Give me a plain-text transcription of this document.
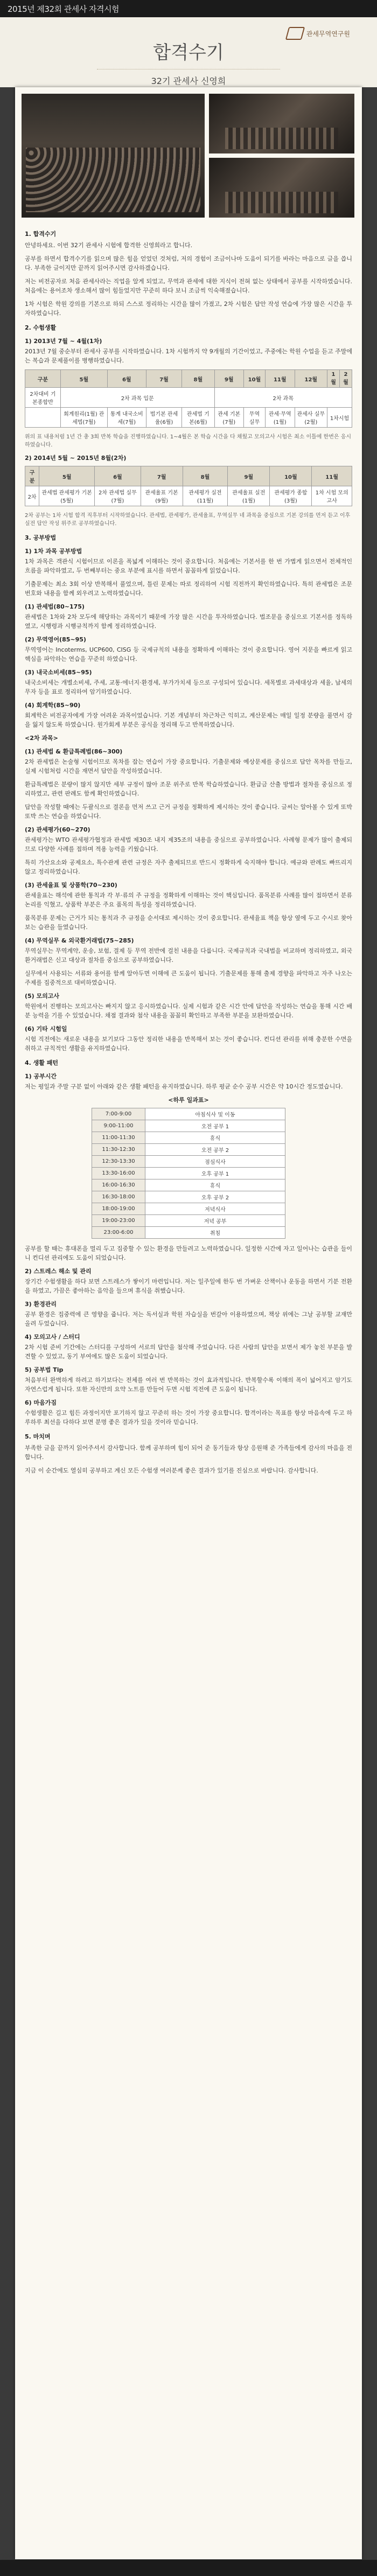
2015년 제32회 관세사 자격시험
관세무역연구원
합격수기
32기 관세사 신영희
1. 합격수기

안녕하세요. 이번 32기 관세사 시험에 합격한 신영희라고 합니다.

공부를 하면서 합격수기를 읽으며 많은 힘을 얻었던 것처럼, 저의 경험이 조금이나마 도움이 되기를 바라는 마음으로 글을 씁니다. 부족한 글이지만 끝까지 읽어주시면 감사하겠습니다.

저는 비전공자로 처음 관세사라는 직업을 알게 되었고, 무역과 관세에 대한 지식이 전혀 없는 상태에서 공부를 시작하였습니다. 처음에는 용어조차 생소해서 많이 힘들었지만 꾸준히 하다 보니 조금씩 익숙해졌습니다.

1차 시험은 학원 강의를 기본으로 하되 스스로 정리하는 시간을 많이 가졌고, 2차 시험은 답안 작성 연습에 가장 많은 시간을 투자하였습니다.

2. 수험생활
1) 2013년 7월 ~ 4월(1차)

2013년 7월 중순부터 관세사 공부를 시작하였습니다. 1차 시험까지 약 9개월의 기간이었고, 주중에는 학원 수업을 듣고 주말에는 복습과 문제풀이를 병행하였습니다.

구분	5월	6월	7월	8월	9월	10월	11월	12월	1월	2월
2차대비 기본종합반	2차 과목 입문				2차 과목					
	회계원리(1월) 관세법(7월)	통계 내국소비세(7월)	법기본 관세율(6월)	관세법 기본(6월)	관세 기본(7월)	무역 실무	관세·무역(1월)	관세사 실무(2월)	1차시험	

위의 표 내용처럼 1년 간 총 3회 반복 학습을 진행하였습니다. 1~4월은 본 학습 시간을 다 채웠고 모의고사 시험은 최소 이틀에 한번은 응시하였습니다.

2) 2014년 5월 ~ 2015년 8월(2차)
구분	5월	6월	7월	8월	9월	10월	11월
2차	관세법 관세평가 기본(5월)	2차 관세법 실무(7월)	관세율표 기본(9월)	관세평가 실전(11월)	관세율표 실전(1월)	관세평가 종합(3월)	1차 시험 모의고사

2차 공부는 1차 시험 합격 직후부터 시작하였습니다. 관세법, 관세평가, 관세율표, 무역실무 네 과목을 중심으로 기본 강의를 먼저 듣고 이후 실전 답안 작성 위주로 공부하였습니다.

3. 공부방법
1) 1차 과목 공부방법

1차 과목은 객관식 시험이므로 이론을 폭넓게 이해하는 것이 중요합니다. 처음에는 기본서를 한 번 가볍게 읽으면서 전체적인 흐름을 파악하였고, 두 번째부터는 중요 부분에 표시를 하면서 꼼꼼하게 읽었습니다.

기출문제는 최소 3회 이상 반복해서 풀었으며, 틀린 문제는 따로 정리하여 시험 직전까지 확인하였습니다. 특히 관세법은 조문 번호와 내용을 함께 외우려고 노력하였습니다.

(1) 관세법(80~175)

관세법은 1차와 2차 모두에 해당하는 과목이기 때문에 가장 많은 시간을 투자하였습니다. 법조문을 중심으로 기본서를 정독하였고, 시행령과 시행규칙까지 함께 정리하였습니다.

(2) 무역영어(85~95)

무역영어는 Incoterms, UCP600, CISG 등 국제규칙의 내용을 정확하게 이해하는 것이 중요합니다. 영어 지문을 빠르게 읽고 핵심을 파악하는 연습을 꾸준히 하였습니다.

(3) 내국소비세(85~95)

내국소비세는 개별소비세, 주세, 교통·에너지·환경세, 부가가치세 등으로 구성되어 있습니다. 세목별로 과세대상과 세율, 납세의무자 등을 표로 정리하여 암기하였습니다.

(4) 회계학(85~90)

회계학은 비전공자에게 가장 어려운 과목이었습니다. 기본 개념부터 차근차근 익히고, 계산문제는 매일 일정 분량을 풀면서 감을 잃지 않도록 하였습니다. 원가회계 부분은 공식을 정리해 두고 반복하였습니다.

<2차 과목>
(1) 관세법 & 환급특례법(86~300)

2차 관세법은 논술형 시험이므로 목차를 잡는 연습이 가장 중요합니다. 기출문제와 예상문제를 중심으로 답안 목차를 만들고, 실제 시험처럼 시간을 재면서 답안을 작성하였습니다.

환급특례법은 분량이 많지 않지만 세부 규정이 많아 조문 위주로 반복 학습하였습니다. 환급금 산출 방법과 절차를 중심으로 정리하였고, 관련 판례도 함께 확인하였습니다.

답안을 작성할 때에는 두괄식으로 결론을 먼저 쓰고 근거 규정을 정확하게 제시하는 것이 좋습니다. 글씨는 알아볼 수 있게 또박또박 쓰는 연습을 하였습니다.

(2) 관세평가(60~270)

관세평가는 WTO 관세평가협정과 관세법 제30조 내지 제35조의 내용을 중심으로 공부하였습니다. 사례형 문제가 많이 출제되므로 다양한 사례를 접하며 적용 능력을 키웠습니다.

특히 가산요소와 공제요소, 특수관계 관련 규정은 자주 출제되므로 반드시 정확하게 숙지해야 합니다. 예규와 판례도 빠뜨리지 않고 정리하였습니다.

(3) 관세율표 및 상품학(70~230)

관세율표는 해석에 관한 통칙과 각 부·류의 주 규정을 정확하게 이해하는 것이 핵심입니다. 품목분류 사례를 많이 접하면서 분류 논리를 익혔고, 상품학 부분은 주요 품목의 특성을 정리하였습니다.

품목분류 문제는 근거가 되는 통칙과 주 규정을 순서대로 제시하는 것이 중요합니다. 관세율표 책을 항상 옆에 두고 수시로 찾아보는 습관을 들였습니다.

(4) 무역실무 & 외국환거래법(75~285)

무역실무는 무역계약, 운송, 보험, 결제 등 무역 전반에 걸친 내용을 다룹니다. 국제규칙과 국내법을 비교하며 정리하였고, 외국환거래법은 신고 대상과 절차를 중심으로 공부하였습니다.

실무에서 사용되는 서류와 용어를 함께 알아두면 이해에 큰 도움이 됩니다. 기출문제를 통해 출제 경향을 파악하고 자주 나오는 주제를 집중적으로 대비하였습니다.

(5) 모의고사

학원에서 진행하는 모의고사는 빠지지 않고 응시하였습니다. 실제 시험과 같은 시간 안에 답안을 작성하는 연습을 통해 시간 배분 능력을 기를 수 있었습니다. 채점 결과와 첨삭 내용을 꼼꼼히 확인하고 부족한 부분을 보완하였습니다.

(6) 기타 시험일

시험 직전에는 새로운 내용을 보기보다 그동안 정리한 내용을 반복해서 보는 것이 좋습니다. 컨디션 관리를 위해 충분한 수면을 취하고 규칙적인 생활을 유지하였습니다.

4. 생활 패턴
1) 공부시간

저는 평일과 주말 구분 없이 아래와 같은 생활 패턴을 유지하였습니다. 하루 평균 순수 공부 시간은 약 10시간 정도였습니다.

<하루 일과표>
7:00-9:00	아침식사 및 이동
9:00-11:00	오전 공부 1
11:00-11:30	휴식
11:30-12:30	오전 공부 2
12:30-13:30	점심식사
13:30-16:00	오후 공부 1
16:00-16:30	휴식
16:30-18:00	오후 공부 2
18:00-19:00	저녁식사
19:00-23:00	저녁 공부
23:00-6:00	취침

공부를 할 때는 휴대폰을 멀리 두고 집중할 수 있는 환경을 만들려고 노력하였습니다. 일정한 시간에 자고 일어나는 습관을 들이니 컨디션 관리에도 도움이 되었습니다.

2) 스트레스 해소 및 관리

장기간 수험생활을 하다 보면 스트레스가 쌓이기 마련입니다. 저는 일주일에 한두 번 가벼운 산책이나 운동을 하면서 기분 전환을 하였고, 가끔은 좋아하는 음악을 들으며 휴식을 취했습니다.

3) 환경관리

공부 환경은 집중력에 큰 영향을 줍니다. 저는 독서실과 학원 자습실을 번갈아 이용하였으며, 책상 위에는 그날 공부할 교재만 올려 두었습니다.

4) 모의고사 / 스터디

2차 시험 준비 기간에는 스터디를 구성하여 서로의 답안을 첨삭해 주었습니다. 다른 사람의 답안을 보면서 제가 놓친 부분을 발견할 수 있었고, 동기 부여에도 많은 도움이 되었습니다.

5) 공부법 Tip

처음부터 완벽하게 하려고 하기보다는 전체를 여러 번 반복하는 것이 효과적입니다. 반복할수록 이해의 폭이 넓어지고 암기도 자연스럽게 됩니다. 또한 자신만의 요약 노트를 만들어 두면 시험 직전에 큰 도움이 됩니다.

6) 마음가짐

수험생활은 길고 힘든 과정이지만 포기하지 않고 꾸준히 하는 것이 가장 중요합니다. 합격이라는 목표를 항상 마음속에 두고 하루하루 최선을 다하다 보면 분명 좋은 결과가 있을 것이라 믿습니다.

5. 마치며

부족한 글을 끝까지 읽어주셔서 감사합니다. 함께 공부하며 힘이 되어 준 동기들과 항상 응원해 준 가족들에게 감사의 마음을 전합니다.

지금 이 순간에도 열심히 공부하고 계신 모든 수험생 여러분께 좋은 결과가 있기를 진심으로 바랍니다. 감사합니다.
